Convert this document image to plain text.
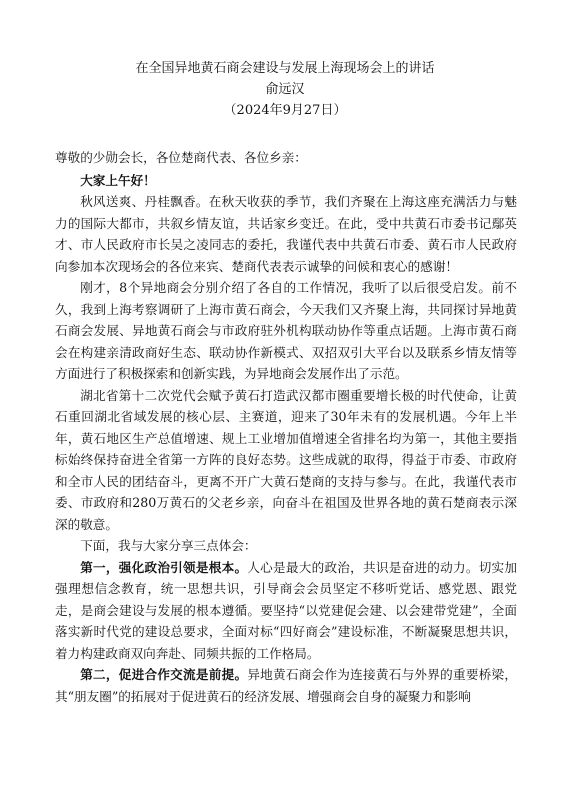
在全国异地黄石商会建设与发展上海现场会上的讲话
俞远汉
（2024年9月27日）

尊敬的少勋会长，各位楚商代表、各位乡亲：

大家上午好！

秋风送爽、丹桂飘香。在秋天收获的季节，我们齐聚在上海这座充满活力与魅力的国际大都市，共叙乡情友谊，共话家乡变迁。在此，受中共黄石市委书记鄢英才、市人民政府市长吴之凌同志的委托，我谨代表中共黄石市委、黄石市人民政府向参加本次现场会的各位来宾、楚商代表表示诚挚的问候和衷心的感谢！

刚才，8个异地商会分别介绍了各自的工作情况，我听了以后很受启发。前不久，我到上海考察调研了上海市黄石商会，今天我们又齐聚上海，共同探讨异地黄石商会发展、异地黄石商会与市政府驻外机构联动协作等重点话题。上海市黄石商会在构建亲清政商好生态、联动协作新模式、双招双引大平台以及联系乡情友情等方面进行了积极探索和创新实践，为异地商会发展作出了示范。

湖北省第十二次党代会赋予黄石打造武汉都市圈重要增长极的时代使命，让黄石重回湖北省域发展的核心层、主赛道，迎来了30年未有的发展机遇。今年上半年，黄石地区生产总值增速、规上工业增加值增速全省排名均为第一，其他主要指标始终保持奋进全省第一方阵的良好态势。这些成就的取得，得益于市委、市政府和全市人民的团结奋斗，更离不开广大黄石楚商的支持与参与。在此，我谨代表市委、市政府和280万黄石的父老乡亲，向奋斗在祖国及世界各地的黄石楚商表示深深的敬意。

下面，我与大家分享三点体会：

第一，强化政治引领是根本。人心是最大的政治，共识是奋进的动力。切实加强理想信念教育，统一思想共识，引导商会会员坚定不移听党话、感党恩、跟党走，是商会建设与发展的根本遵循。要坚持“以党建促会建、以会建带党建”，全面落实新时代党的建设总要求，全面对标“四好商会”建设标准，不断凝聚思想共识，着力构建政商双向奔赴、同频共振的工作格局。

第二，促进合作交流是前提。异地黄石商会作为连接黄石与外界的重要桥梁，其“朋友圈”的拓展对于促进黄石的经济发展、增强商会自身的凝聚力和影响
